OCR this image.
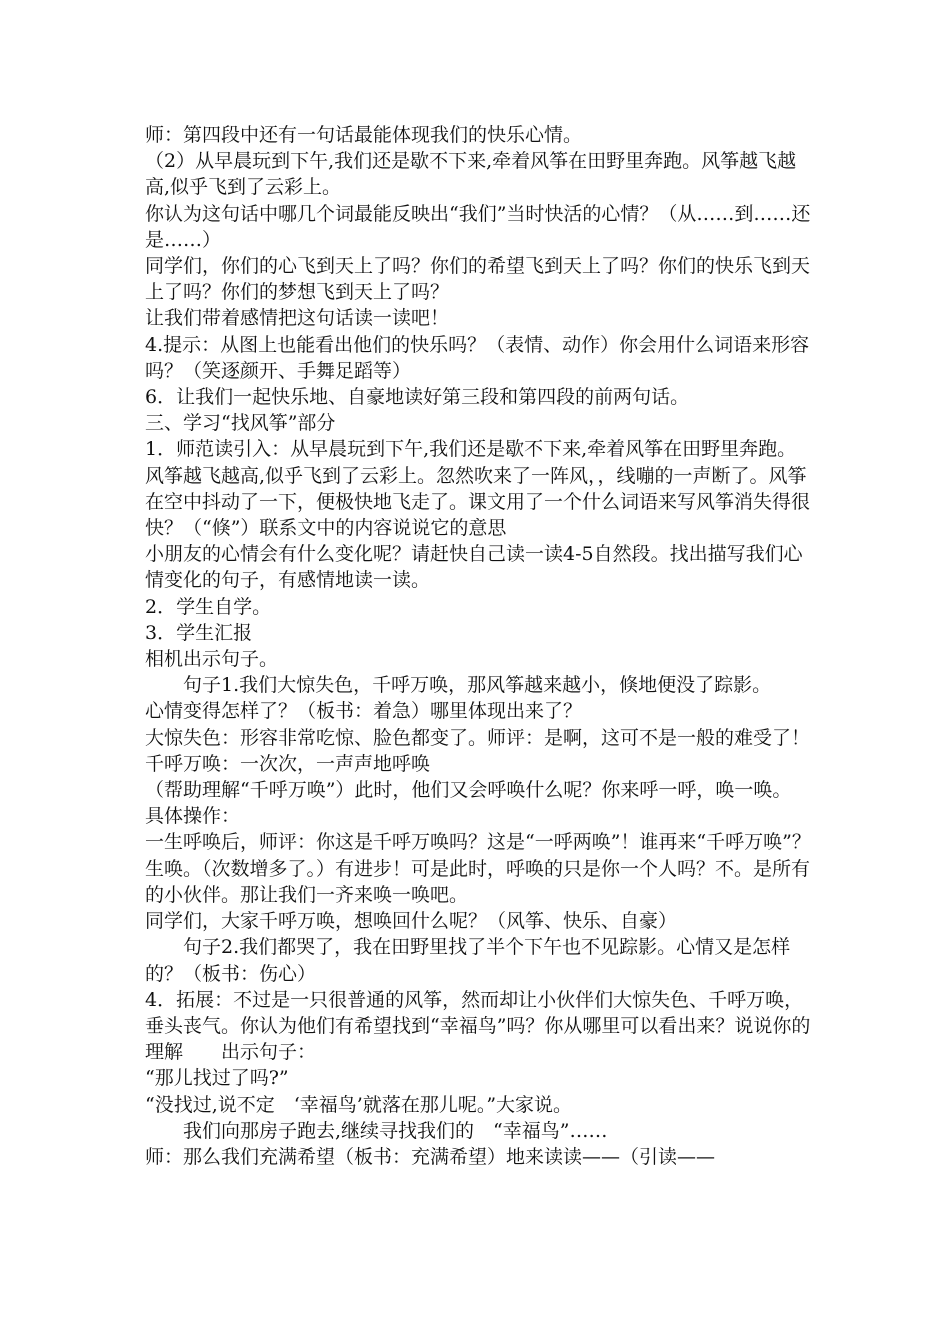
师：第四段中还有一句话最能体现我们的快乐心情。

（2）从早晨玩到下午,我们还是歇不下来,牵着风筝在田野里奔跑。风筝越飞越高,似乎飞到了云彩上。

你认为这句话中哪几个词最能反映出“我们”当时快活的心情？（从……到……还是……）

同学们，你们的心飞到天上了吗？你们的希望飞到天上了吗？你们的快乐飞到天上了吗？你们的梦想飞到天上了吗？

让我们带着感情把这句话读一读吧！

4.提示：从图上也能看出他们的快乐吗？（表情、动作）你会用什么词语来形容吗？（笑逐颜开、手舞足蹈等）

6．让我们一起快乐地、自豪地读好第三段和第四段的前两句话。

三、学习“找风筝”部分

1．师范读引入：从早晨玩到下午,我们还是歇不下来,牵着风筝在田野里奔跑。风筝越飞越高,似乎飞到了云彩上。忽然吹来了一阵风，，线嘣的一声断了。风筝在空中抖动了一下，便极快地飞走了。课文用了一个什么词语来写风筝消失得很快？（“倏”）联系文中的内容说说它的意思

小朋友的心情会有什么变化呢？请赶快自己读一读4-5自然段。找出描写我们心情变化的句子，有感情地读一读。

2．学生自学。

3．学生汇报

相机出示句子。

句子1.我们大惊失色，千呼万唤，那风筝越来越小，倏地便没了踪影。

心情变得怎样了？（板书：着急）哪里体现出来了？

大惊失色：形容非常吃惊、脸色都变了。师评：是啊，这可不是一般的难受了！

千呼万唤：一次次，一声声地呼唤

（帮助理解“千呼万唤”）此时，他们又会呼唤什么呢？你来呼一呼，唤一唤。

具体操作：

一生呼唤后，师评：你这是千呼万唤吗？这是“一呼两唤”！谁再来“千呼万唤”？生唤。（次数增多了。）有进步！可是此时，呼唤的只是你一个人吗？不。是所有的小伙伴。那让我们一齐来唤一唤吧。

同学们，大家千呼万唤，想唤回什么呢？（风筝、快乐、自豪）

句子2.我们都哭了，我在田野里找了半个下午也不见踪影。心情又是怎样的？（板书：伤心）

4．拓展：不过是一只很普通的风筝，然而却让小伙伴们大惊失色、千呼万唤，垂头丧气。你认为他们有希望找到“幸福鸟”吗？你从哪里可以看出来？说说你的理解　　出示句子：

“那儿找过了吗?”

“没找过,说不定　‘幸福鸟’就落在那儿呢。”大家说。

我们向那房子跑去,继续寻找我们的　“幸福鸟”……

师：那么我们充满希望（板书：充满希望）地来读读——（引读——
